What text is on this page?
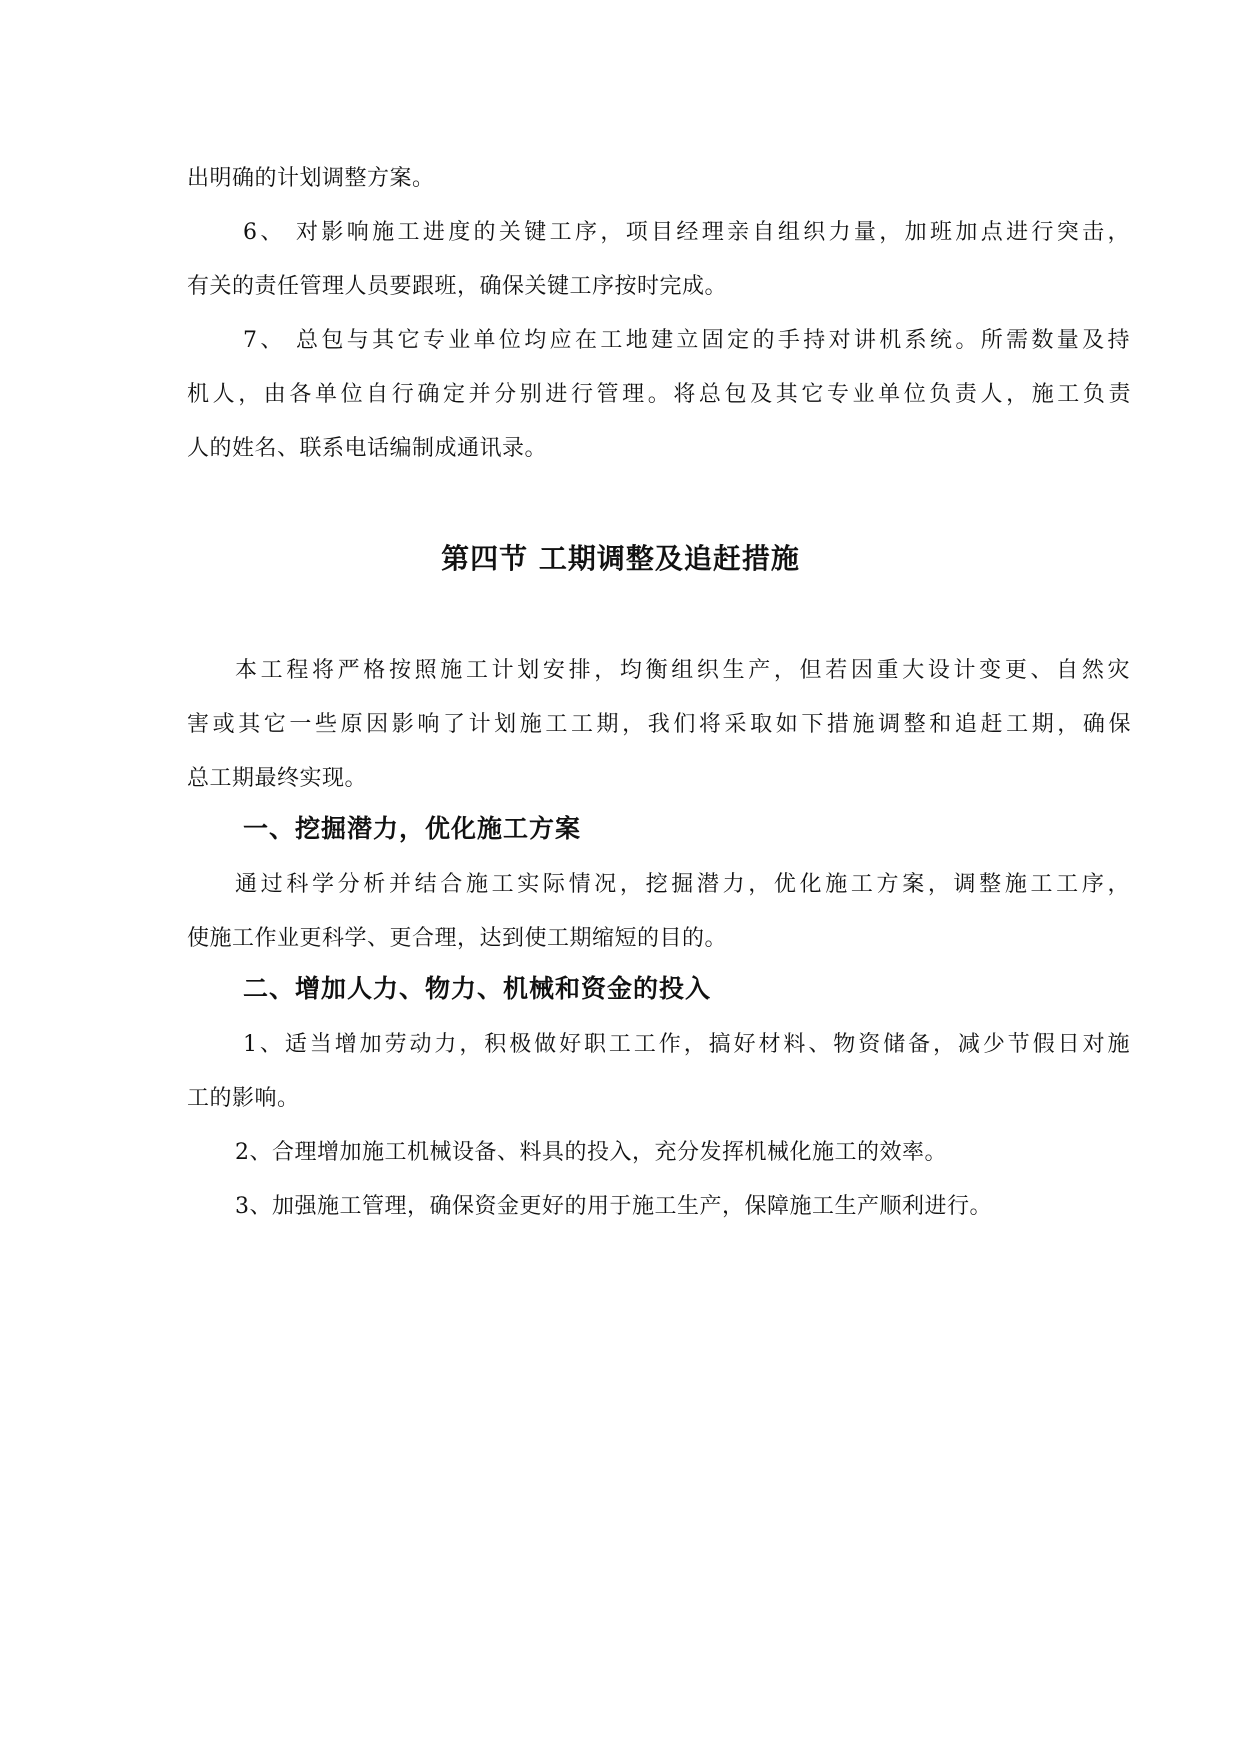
出明确的计划调整方案。
6、 对影响施工进度的关键工序，项目经理亲自组织力量，加班加点进行突击，
有关的责任管理人员要跟班，确保关键工序按时完成。
7、 总包与其它专业单位均应在工地建立固定的手持对讲机系统。所需数量及持
机人，由各单位自行确定并分别进行管理。将总包及其它专业单位负责人，施工负责
人的姓名、联系电话编制成通讯录。
第四节 工期调整及追赶措施
本工程将严格按照施工计划安排，均衡组织生产，但若因重大设计变更、自然灾
害或其它一些原因影响了计划施工工期，我们将采取如下措施调整和追赶工期，确保
总工期最终实现。
一、挖掘潜力，优化施工方案
通过科学分析并结合施工实际情况，挖掘潜力，优化施工方案，调整施工工序，
使施工作业更科学、更合理，达到使工期缩短的目的。
二、增加人力、物力、机械和资金的投入
1、适当增加劳动力，积极做好职工工作，搞好材料、物资储备，减少节假日对施
工的影响。
2、合理增加施工机械设备、料具的投入，充分发挥机械化施工的效率。
3、加强施工管理，确保资金更好的用于施工生产，保障施工生产顺利进行。
